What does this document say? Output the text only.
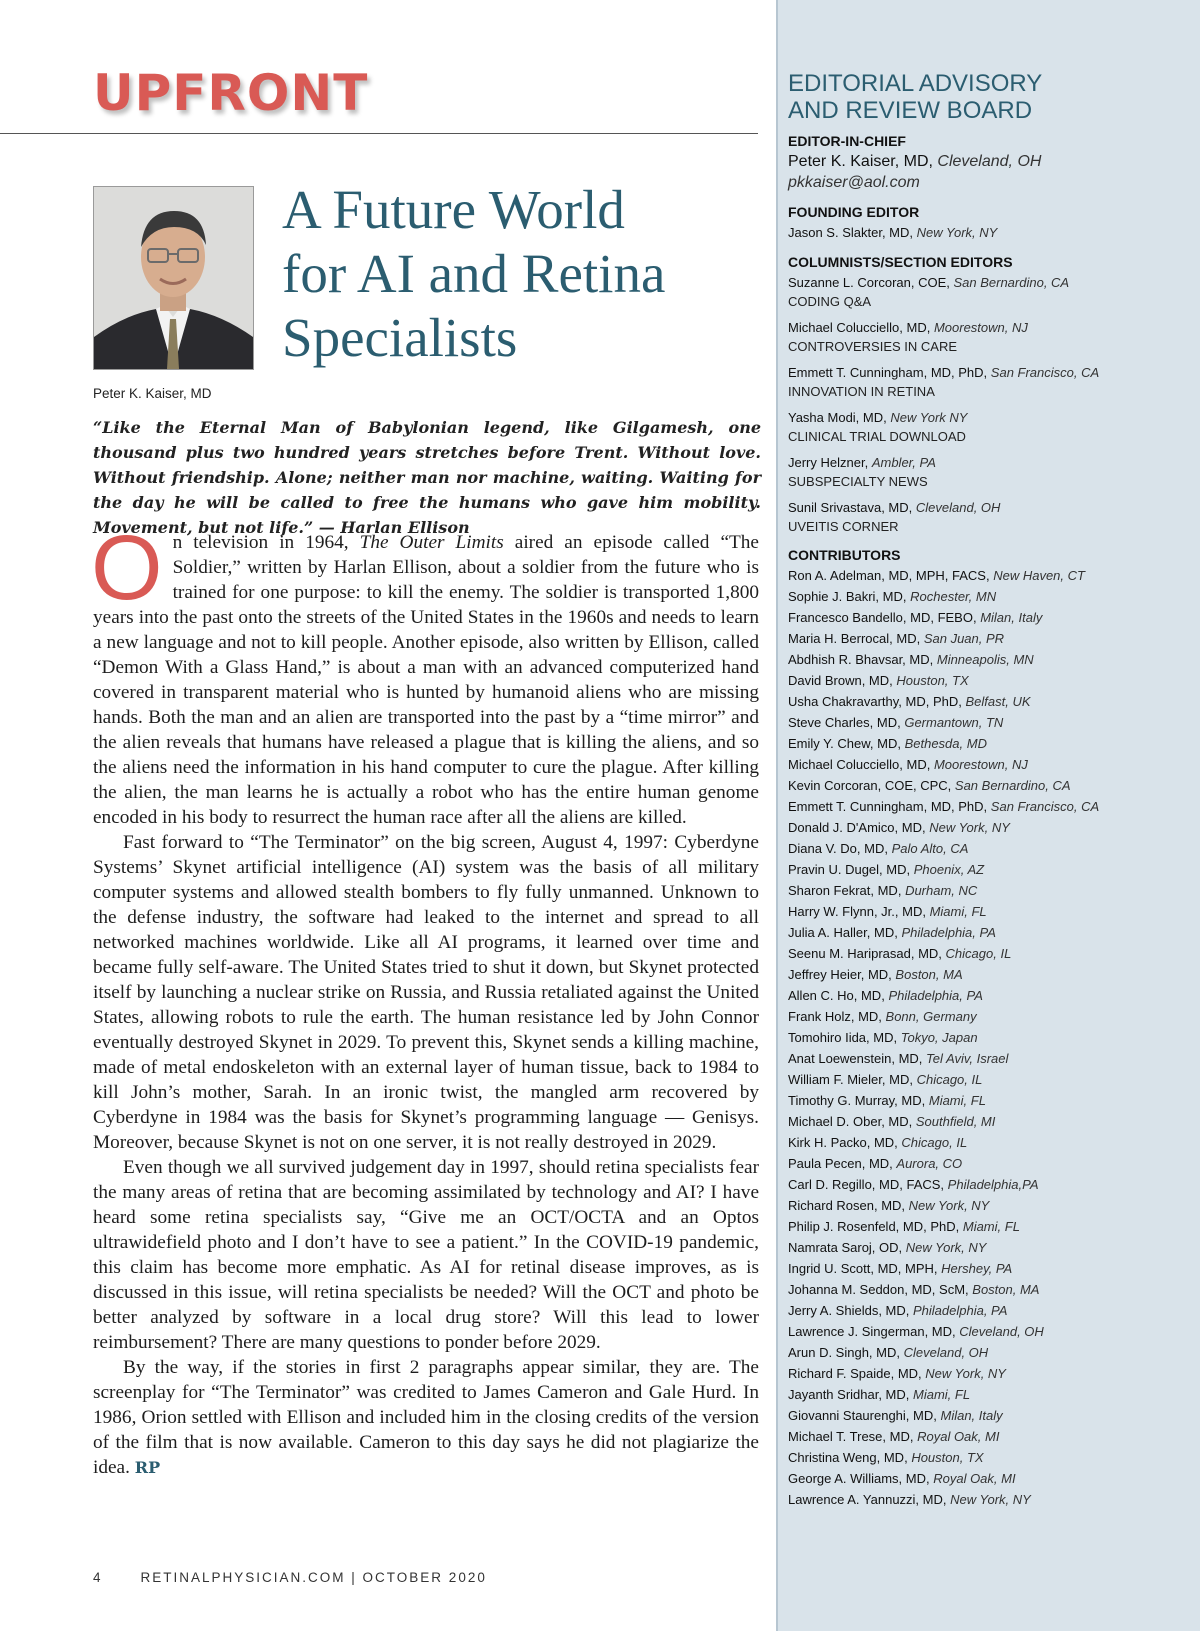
UPFRONT

Peter K. Kaiser, MD

A Future World
for AI and Retina
Specialists

“Like the Eternal Man of Babylonian legend, like Gilgamesh, one thousand plus two hundred years stretches before Trent. Without love. Without friendship. Alone; neither man nor machine, waiting. Waiting for the day he will be called to free the humans who gave him mobility. Movement, but not life.” — Harlan Ellison

On television in 1964, The Outer Limits aired an episode called “The Soldier,” written by Harlan Ellison, about a soldier from the future who is trained for one purpose: to kill the enemy. The soldier is transported 1,800 years into the past onto the streets of the United States in the 1960s and needs to learn a new language and not to kill people. Another episode, also written by Ellison, called “Demon With a Glass Hand,” is about a man with an advanced computerized hand covered in transparent material who is hunted by humanoid aliens who are missing hands. Both the man and an alien are transported into the past by a “time mirror” and the alien reveals that humans have released a plague that is killing the aliens, and so the aliens need the information in his hand computer to cure the plague. After killing the alien, the man learns he is actually a robot who has the entire human genome encoded in his body to resurrect the human race after all the aliens are killed.

Fast forward to “The Terminator” on the big screen, August 4, 1997: Cyberdyne Systems’ Skynet artificial intelligence (AI) system was the basis of all military computer systems and allowed stealth bombers to fly fully unmanned. Unknown to the defense industry, the software had leaked to the internet and spread to all networked machines worldwide. Like all AI programs, it learned over time and became fully self-aware. The United States tried to shut it down, but Skynet protected itself by launching a nuclear strike on Russia, and Russia retaliated against the United States, allowing robots to rule the earth. The human resistance led by John Connor eventually destroyed Skynet in 2029. To prevent this, Skynet sends a killing machine, made of metal endoskeleton with an external layer of human tissue, back to 1984 to kill John’s mother, Sarah. In an ironic twist, the mangled arm recovered by Cyberdyne in 1984 was the basis for Skynet’s programming language — Genisys. Moreover, because Skynet is not on one server, it is not really destroyed in 2029.

Even though we all survived judgement day in 1997, should retina specialists fear the many areas of retina that are becoming assimilated by technology and AI? I have heard some retina specialists say, “Give me an OCT/OCTA and an Optos ultrawidefield photo and I don’t have to see a patient.” In the COVID-19 pandemic, this claim has become more emphatic. As AI for retinal disease improves, as is discussed in this issue, will retina specialists be needed? Will the OCT and photo be better analyzed by software in a local drug store? Will this lead to lower reimbursement? There are many questions to ponder before 2029.

By the way, if the stories in first 2 paragraphs appear similar, they are. The screenplay for “The Terminator” was credited to James Cameron and Gale Hurd. In 1986, Orion settled with Ellison and included him in the closing credits of the version of the film that is now available. Cameron to this day says he did not plagiarize the idea. RP

4	RETINALPHYSICIAN.COM | OCTOBER 2020

EDITORIAL ADVISORY
AND REVIEW BOARD

EDITOR-IN-CHIEF

Peter K. Kaiser, MD, Cleveland, OH
pkkaiser@aol.com

FOUNDING EDITOR

Jason S. Slakter, MD, New York, NY

COLUMNISTS/SECTION EDITORS

Suzanne L. Corcoran, COE, San Bernardino, CA
CODING Q&A
Michael Colucciello, MD, Moorestown, NJ
CONTROVERSIES IN CARE
Emmett T. Cunningham, MD, PhD, San Francisco, CA
INNOVATION IN RETINA
Yasha Modi, MD, New York NY
CLINICAL TRIAL DOWNLOAD
Jerry Helzner, Ambler, PA
SUBSPECIALTY NEWS
Sunil Srivastava, MD, Cleveland, OH
UVEITIS CORNER

CONTRIBUTORS

Ron A. Adelman, MD, MPH, FACS, New Haven, CT
Sophie J. Bakri, MD, Rochester, MN
Francesco Bandello, MD, FEBO, Milan, Italy
Maria H. Berrocal, MD, San Juan, PR
Abdhish R. Bhavsar, MD, Minneapolis, MN
David Brown, MD, Houston, TX
Usha Chakravarthy, MD, PhD, Belfast, UK
Steve Charles, MD, Germantown, TN
Emily Y. Chew, MD, Bethesda, MD
Michael Colucciello, MD, Moorestown, NJ
Kevin Corcoran, COE, CPC, San Bernardino, CA
Emmett T. Cunningham, MD, PhD, San Francisco, CA
Donald J. D'Amico, MD, New York, NY
Diana V. Do, MD, Palo Alto, CA
Pravin U. Dugel, MD, Phoenix, AZ
Sharon Fekrat, MD, Durham, NC
Harry W. Flynn, Jr., MD, Miami, FL
Julia A. Haller, MD, Philadelphia, PA
Seenu M. Hariprasad, MD, Chicago, IL
Jeffrey Heier, MD, Boston, MA
Allen C. Ho, MD, Philadelphia, PA
Frank Holz, MD, Bonn, Germany
Tomohiro Iida, MD, Tokyo, Japan
Anat Loewenstein, MD, Tel Aviv, Israel
William F. Mieler, MD, Chicago, IL
Timothy G. Murray, MD, Miami, FL
Michael D. Ober, MD, Southfield, MI
Kirk H. Packo, MD, Chicago, IL
Paula Pecen, MD, Aurora, CO
Carl D. Regillo, MD, FACS, Philadelphia,PA
Richard Rosen, MD, New York, NY
Philip J. Rosenfeld, MD, PhD, Miami, FL
Namrata Saroj, OD, New York, NY
Ingrid U. Scott, MD, MPH, Hershey, PA
Johanna M. Seddon, MD, ScM, Boston, MA
Jerry A. Shields, MD, Philadelphia, PA
Lawrence J. Singerman, MD, Cleveland, OH
Arun D. Singh, MD, Cleveland, OH
Richard F. Spaide, MD, New York, NY
Jayanth Sridhar, MD, Miami, FL
Giovanni Staurenghi, MD, Milan, Italy
Michael T. Trese, MD, Royal Oak, MI
Christina Weng, MD, Houston, TX
George A. Williams, MD, Royal Oak, MI
Lawrence A. Yannuzzi, MD, New York, NY
